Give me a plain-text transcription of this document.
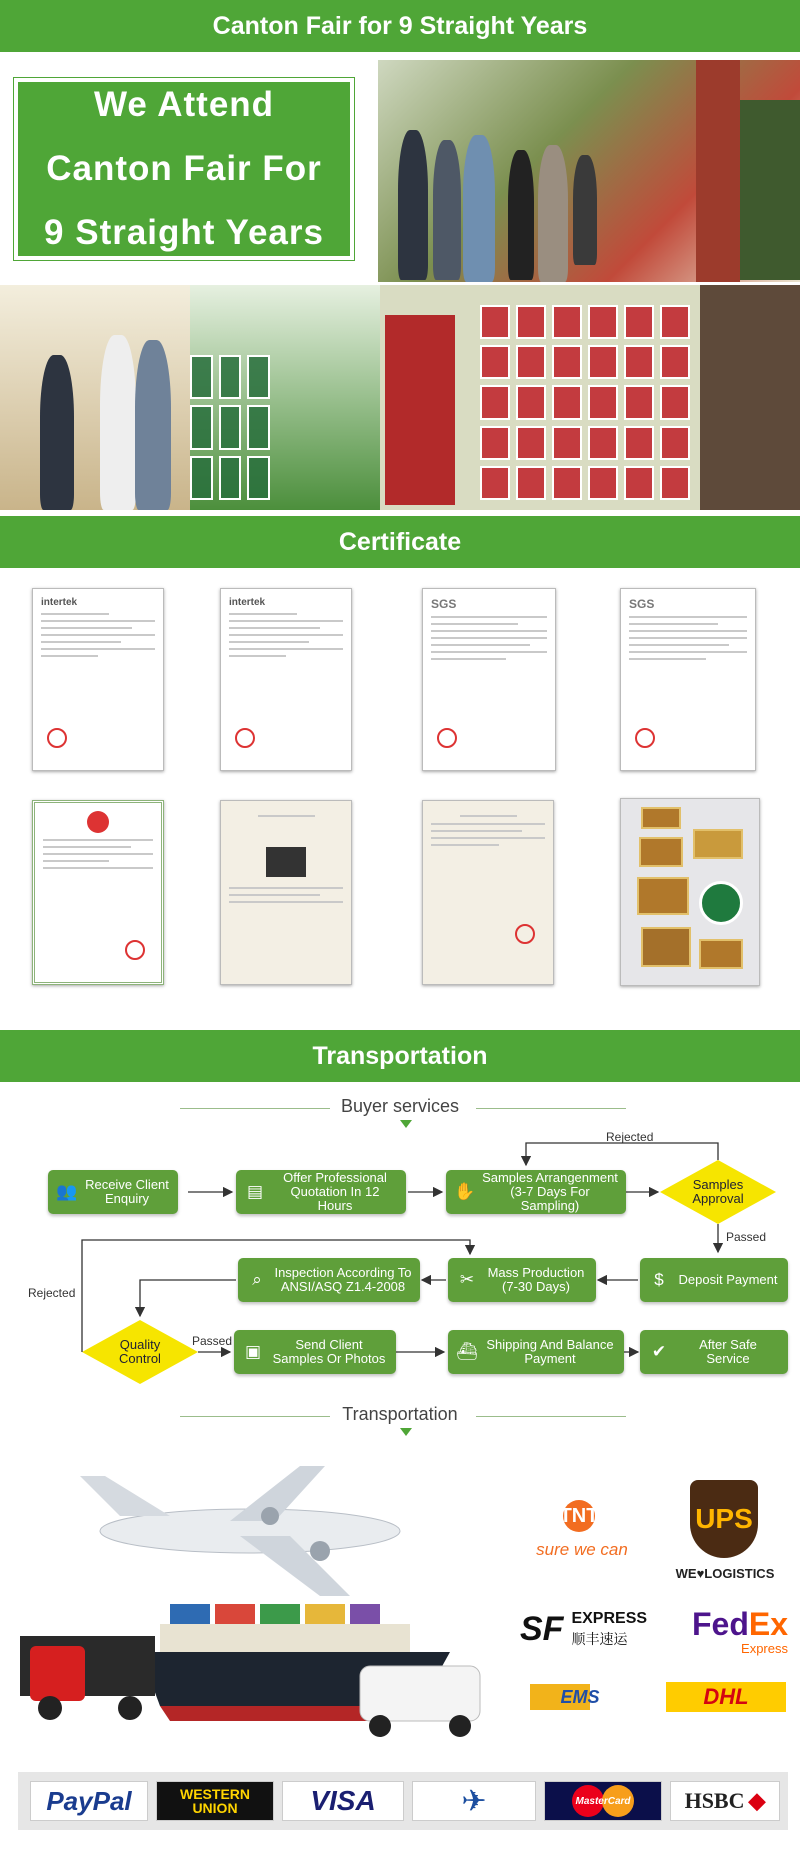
Canton Fair for 9 Straight Years
We Attend
Canton Fair For
9 Straight Years
Certificate
intertek	intertek	SGS	SGS
Transportation
Buyer services
👥 Receive Client Enquiry	▤
Offer Professional Quotation In 12 Hours
✋
Samples Arrangenment (3-7 Days For Sampling)
Samples Approval
Rejected
Passed
$	Deposit Payment
✂ Mass Production (7-30 Days)
⌕ Inspection According To ANSI/ASQ Z1.4-2008
Rejected
Quality Control
Passed
▣	Send Client Samples Or Photos	⛴ Shipping And Balance Payment	✔	After Safe Service
Transportation
TNT
sure we can
UPS
WE♥LOGISTICS
SF EXPRESS
顺丰速运	FedEx
Express
EMS	DHL
PayPal	WESTERN UNION	VISA	✈	MasterCard HSBC ◆
